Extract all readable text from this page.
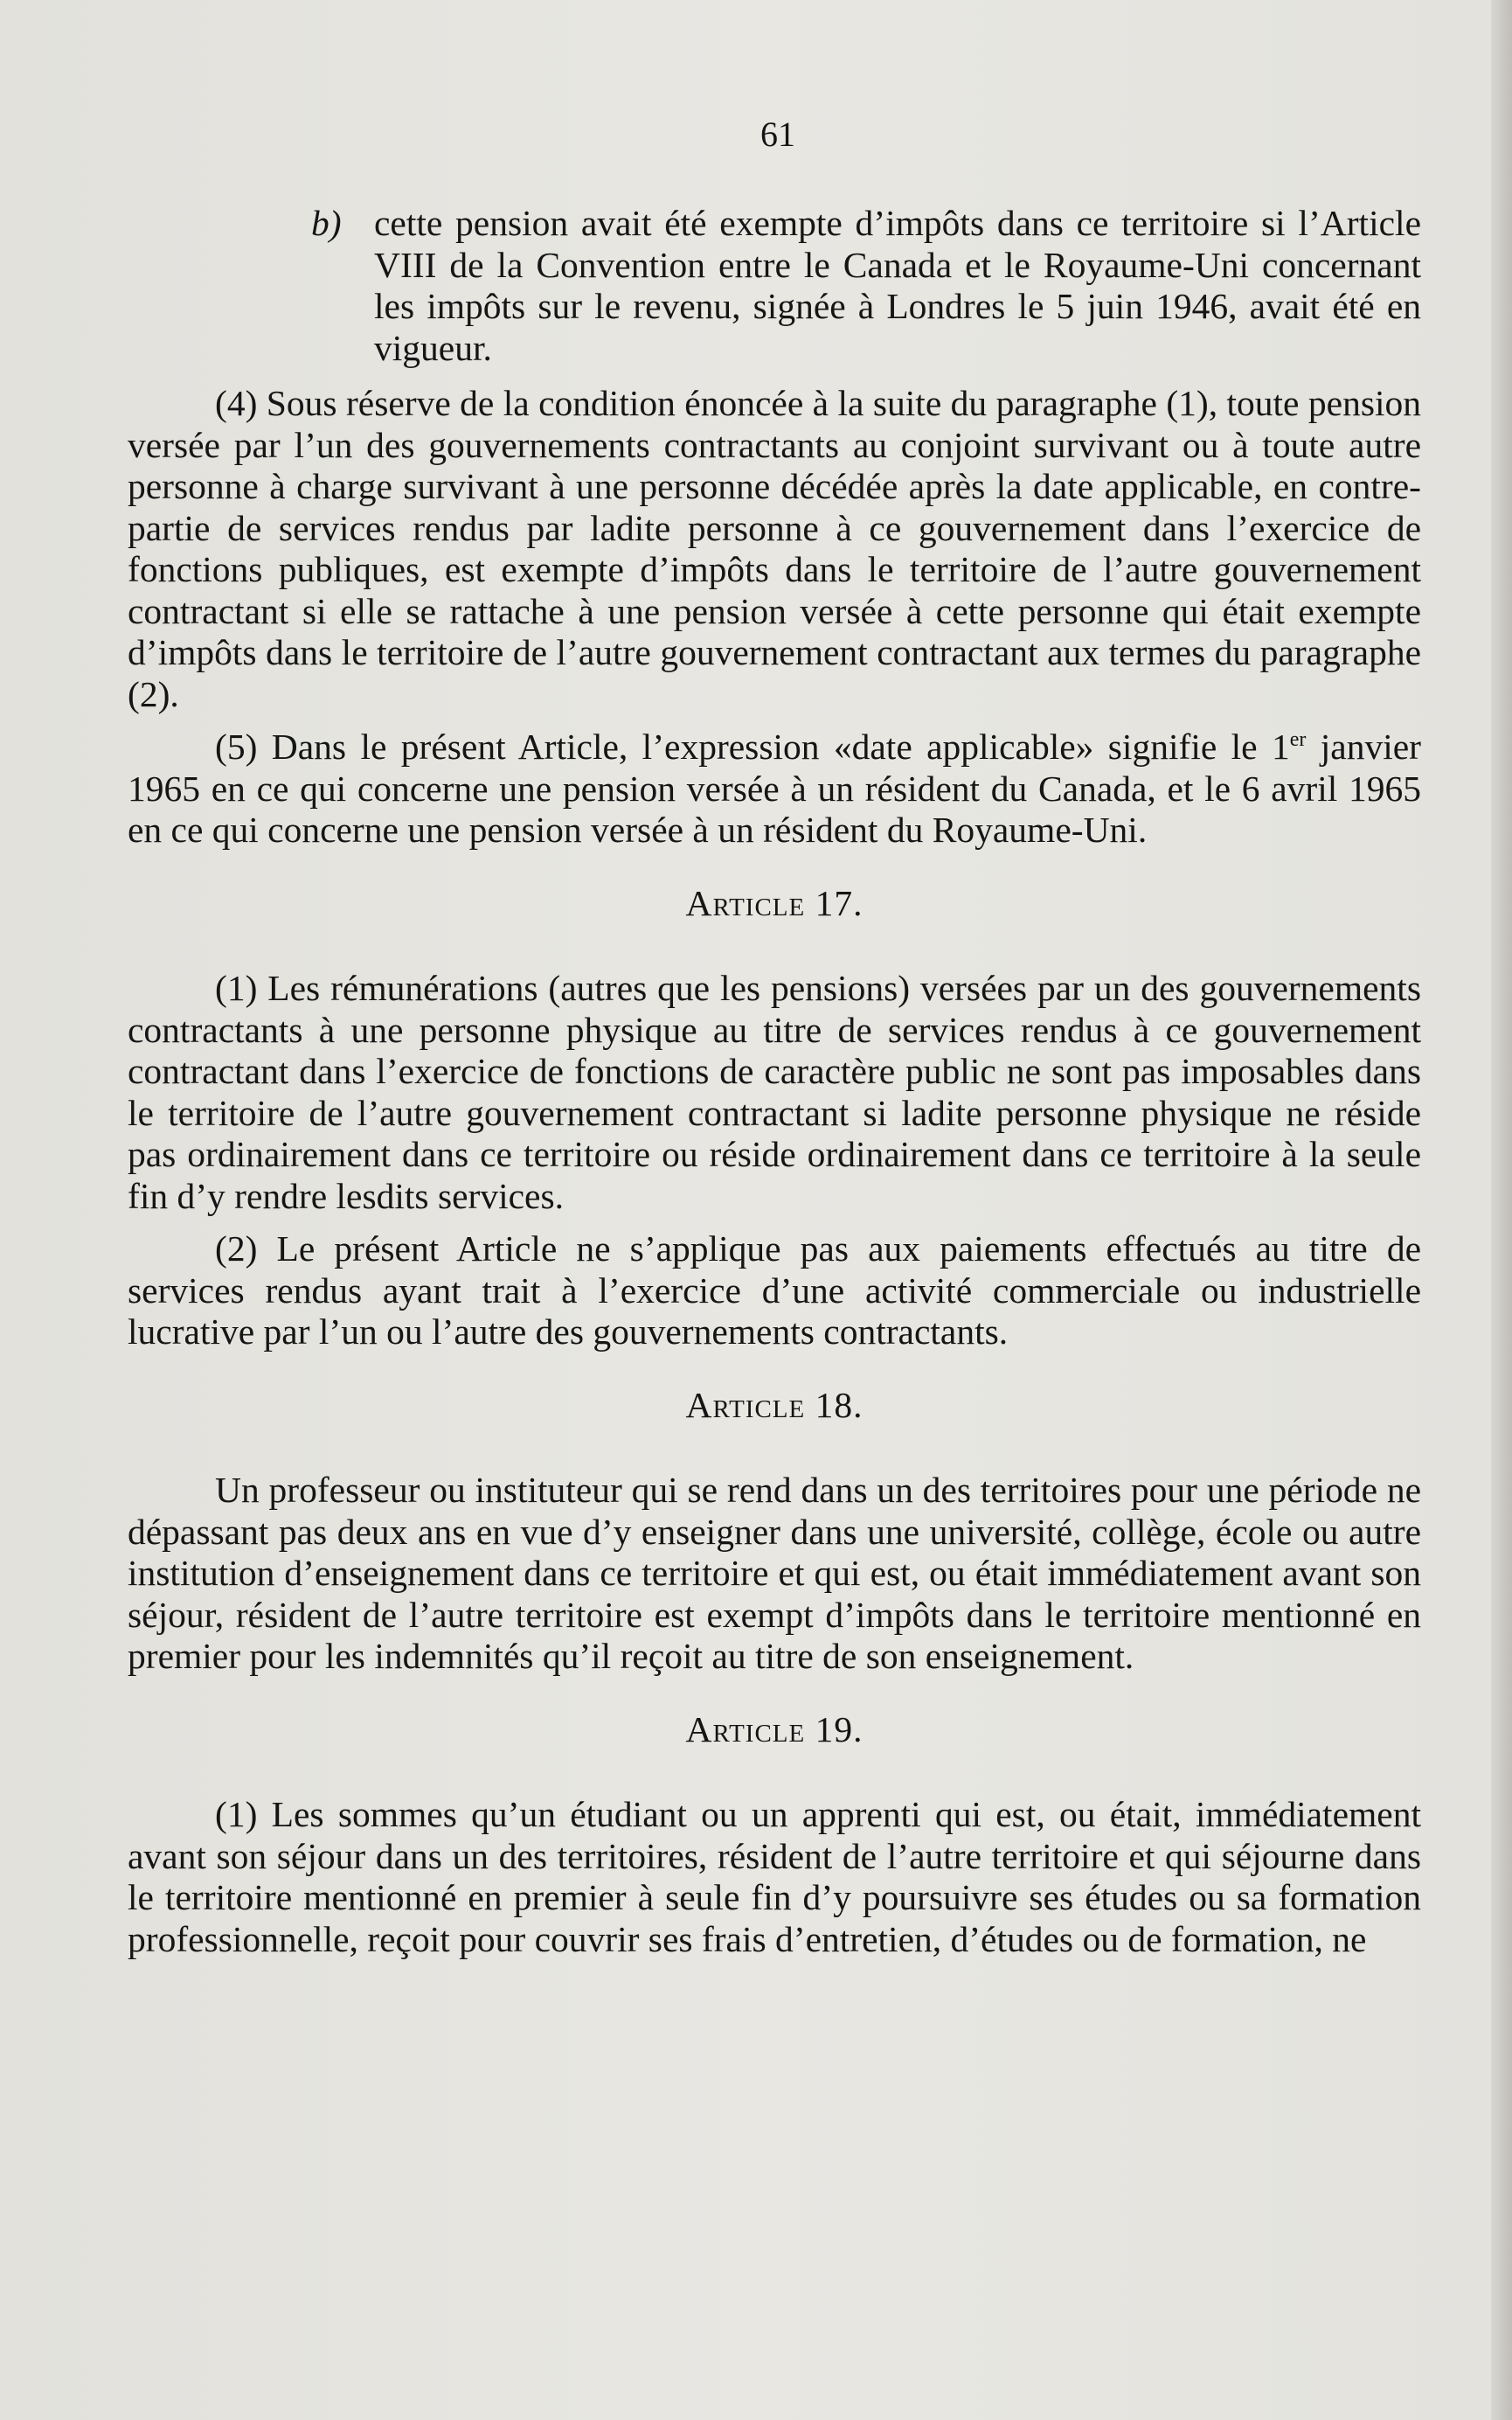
61
b) cette pension avait été exempte d’impôts dans ce territoire si l’Article VIII de la Convention entre le Canada et le Royaume-Uni concernant les impôts sur le revenu, signée à Londres le 5 juin 1946, avait été en vigueur.

(4) Sous réserve de la condition énoncée à la suite du paragraphe (1), toute pension versée par l’un des gouvernements contractants au conjoint survivant ou à toute autre personne à charge survivant à une personne décédée après la date applicable, en contre-partie de services rendus par ladite personne à ce gouvernement dans l’exercice de fonctions publiques, est exempte d’impôts dans le territoire de l’autre gouvernement contractant si elle se rattache à une pension versée à cette personne qui était exempte d’impôts dans le territoire de l’autre gouvernement contractant aux termes du paragraphe (2).

(5) Dans le présent Article, l’expression «date applicable» signifie le 1er janvier 1965 en ce qui concerne une pension versée à un résident du Canada, et le 6 avril 1965 en ce qui concerne une pension versée à un résident du Royaume-Uni.

Article 17.

(1) Les rémunérations (autres que les pensions) versées par un des gouvernements contractants à une personne physique au titre de services rendus à ce gouvernement contractant dans l’exercice de fonctions de caractère public ne sont pas imposables dans le territoire de l’autre gouvernement contractant si ladite personne physique ne réside pas ordinairement dans ce territoire ou réside ordinairement dans ce territoire à la seule fin d’y rendre lesdits services.

(2) Le présent Article ne s’applique pas aux paiements effectués au titre de services rendus ayant trait à l’exercice d’une activité commerciale ou industrielle lucrative par l’un ou l’autre des gouvernements contractants.

Article 18.

Un professeur ou instituteur qui se rend dans un des territoires pour une période ne dépassant pas deux ans en vue d’y enseigner dans une université, collège, école ou autre institution d’enseignement dans ce territoire et qui est, ou était immédiatement avant son séjour, résident de l’autre territoire est exempt d’impôts dans le territoire mentionné en premier pour les indemnités qu’il reçoit au titre de son enseignement.

Article 19.

(1) Les sommes qu’un étudiant ou un apprenti qui est, ou était, immédiatement avant son séjour dans un des territoires, résident de l’autre territoire et qui séjourne dans le territoire mentionné en premier à seule fin d’y poursuivre ses études ou sa formation professionnelle, reçoit pour couvrir ses frais d’entretien, d’études ou de formation, ne
